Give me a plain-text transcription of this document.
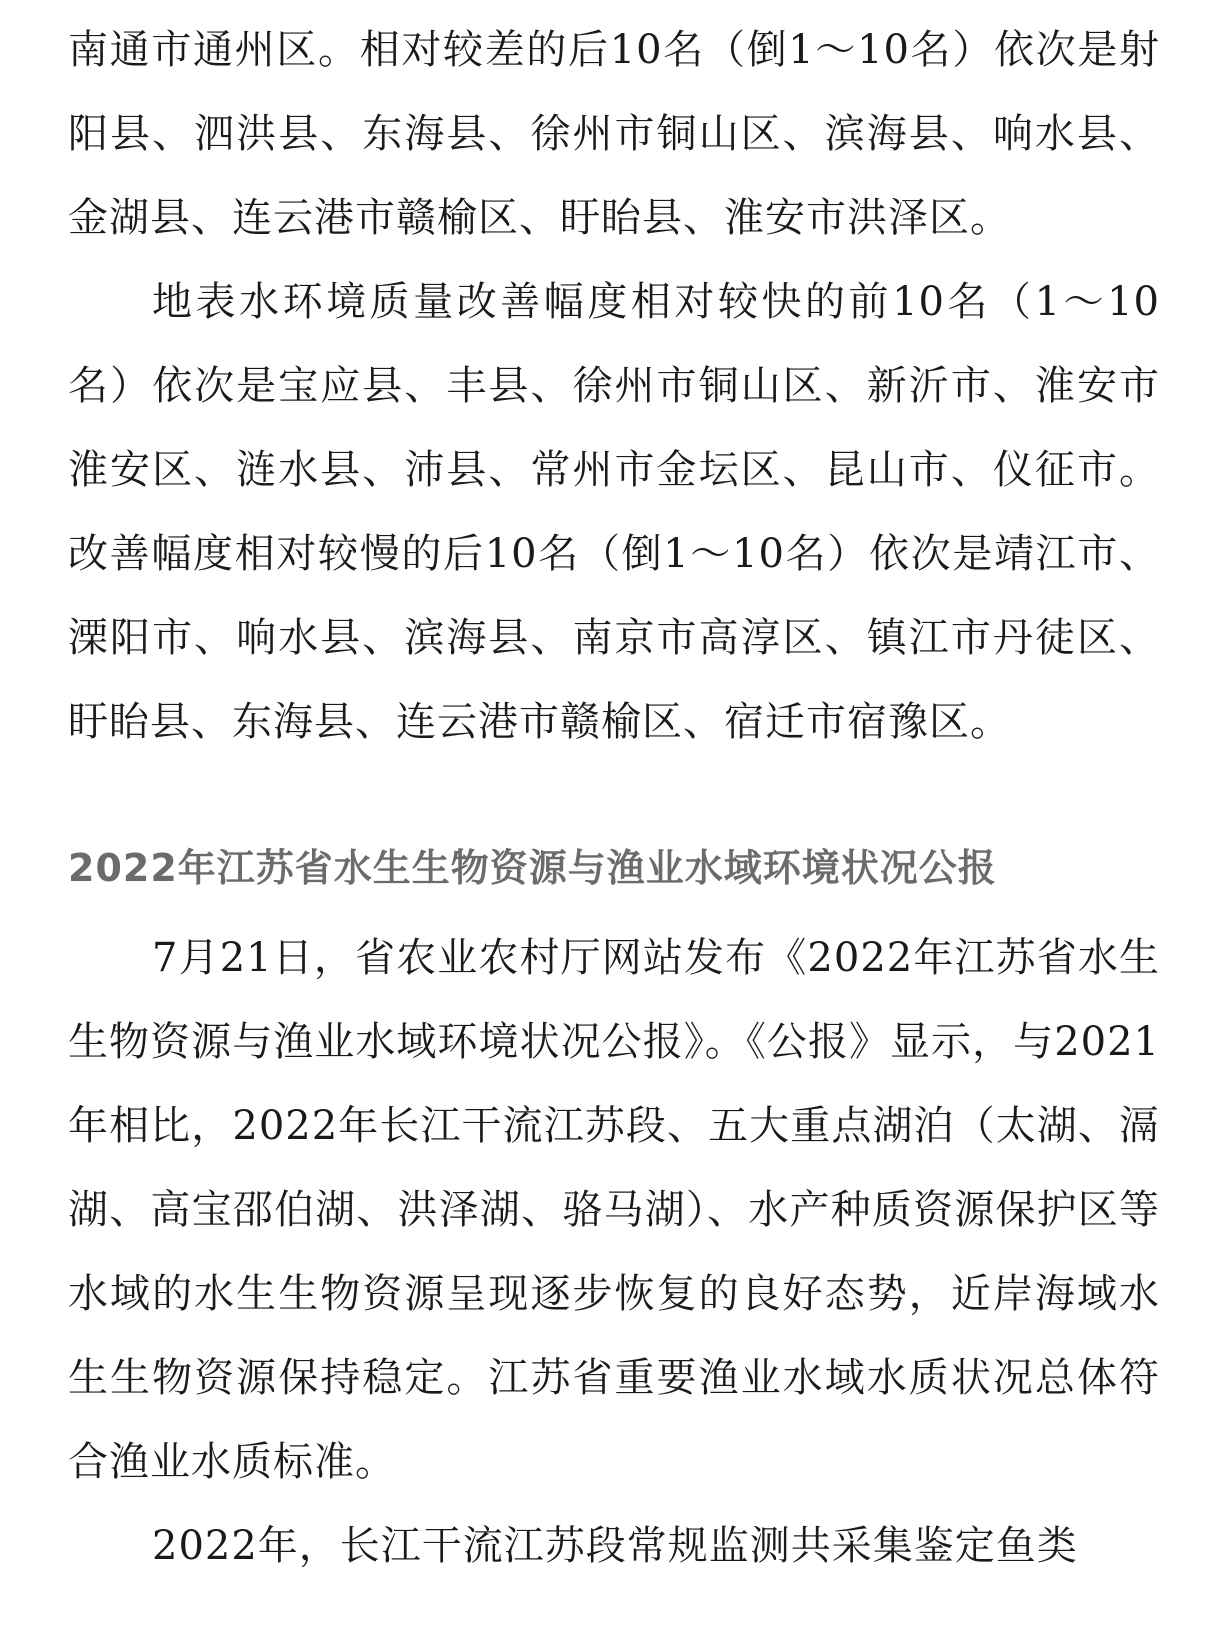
南通市通州区。相对较差的后10名（倒1～10名）依次是射阳县、泗洪县、东海县、徐州市铜山区、滨海县、响水县、金湖县、连云港市赣榆区、盱眙县、淮安市洪泽区。

地表水环境质量改善幅度相对较快的前10名（1～10名）依次是宝应县、丰县、徐州市铜山区、新沂市、淮安市淮安区、涟水县、沛县、常州市金坛区、昆山市、仪征市。改善幅度相对较慢的后10名（倒1～10名）依次是靖江市、溧阳市、响水县、滨海县、南京市高淳区、镇江市丹徒区、盱眙县、东海县、连云港市赣榆区、宿迁市宿豫区。

2022年江苏省水生生物资源与渔业水域环境状况公报

7月21日，省农业农村厅网站发布《2022年江苏省水生生物资源与渔业水域环境状况公报》。《公报》显示，与2021年相比，2022年长江干流江苏段、五大重点湖泊（太湖、滆湖、高宝邵伯湖、洪泽湖、骆马湖）、水产种质资源保护区等水域的水生生物资源呈现逐步恢复的良好态势，近岸海域水生生物资源保持稳定。江苏省重要渔业水域水质状况总体符合渔业水质标准。

2022年，长江干流江苏段常规监测共采集鉴定鱼类
